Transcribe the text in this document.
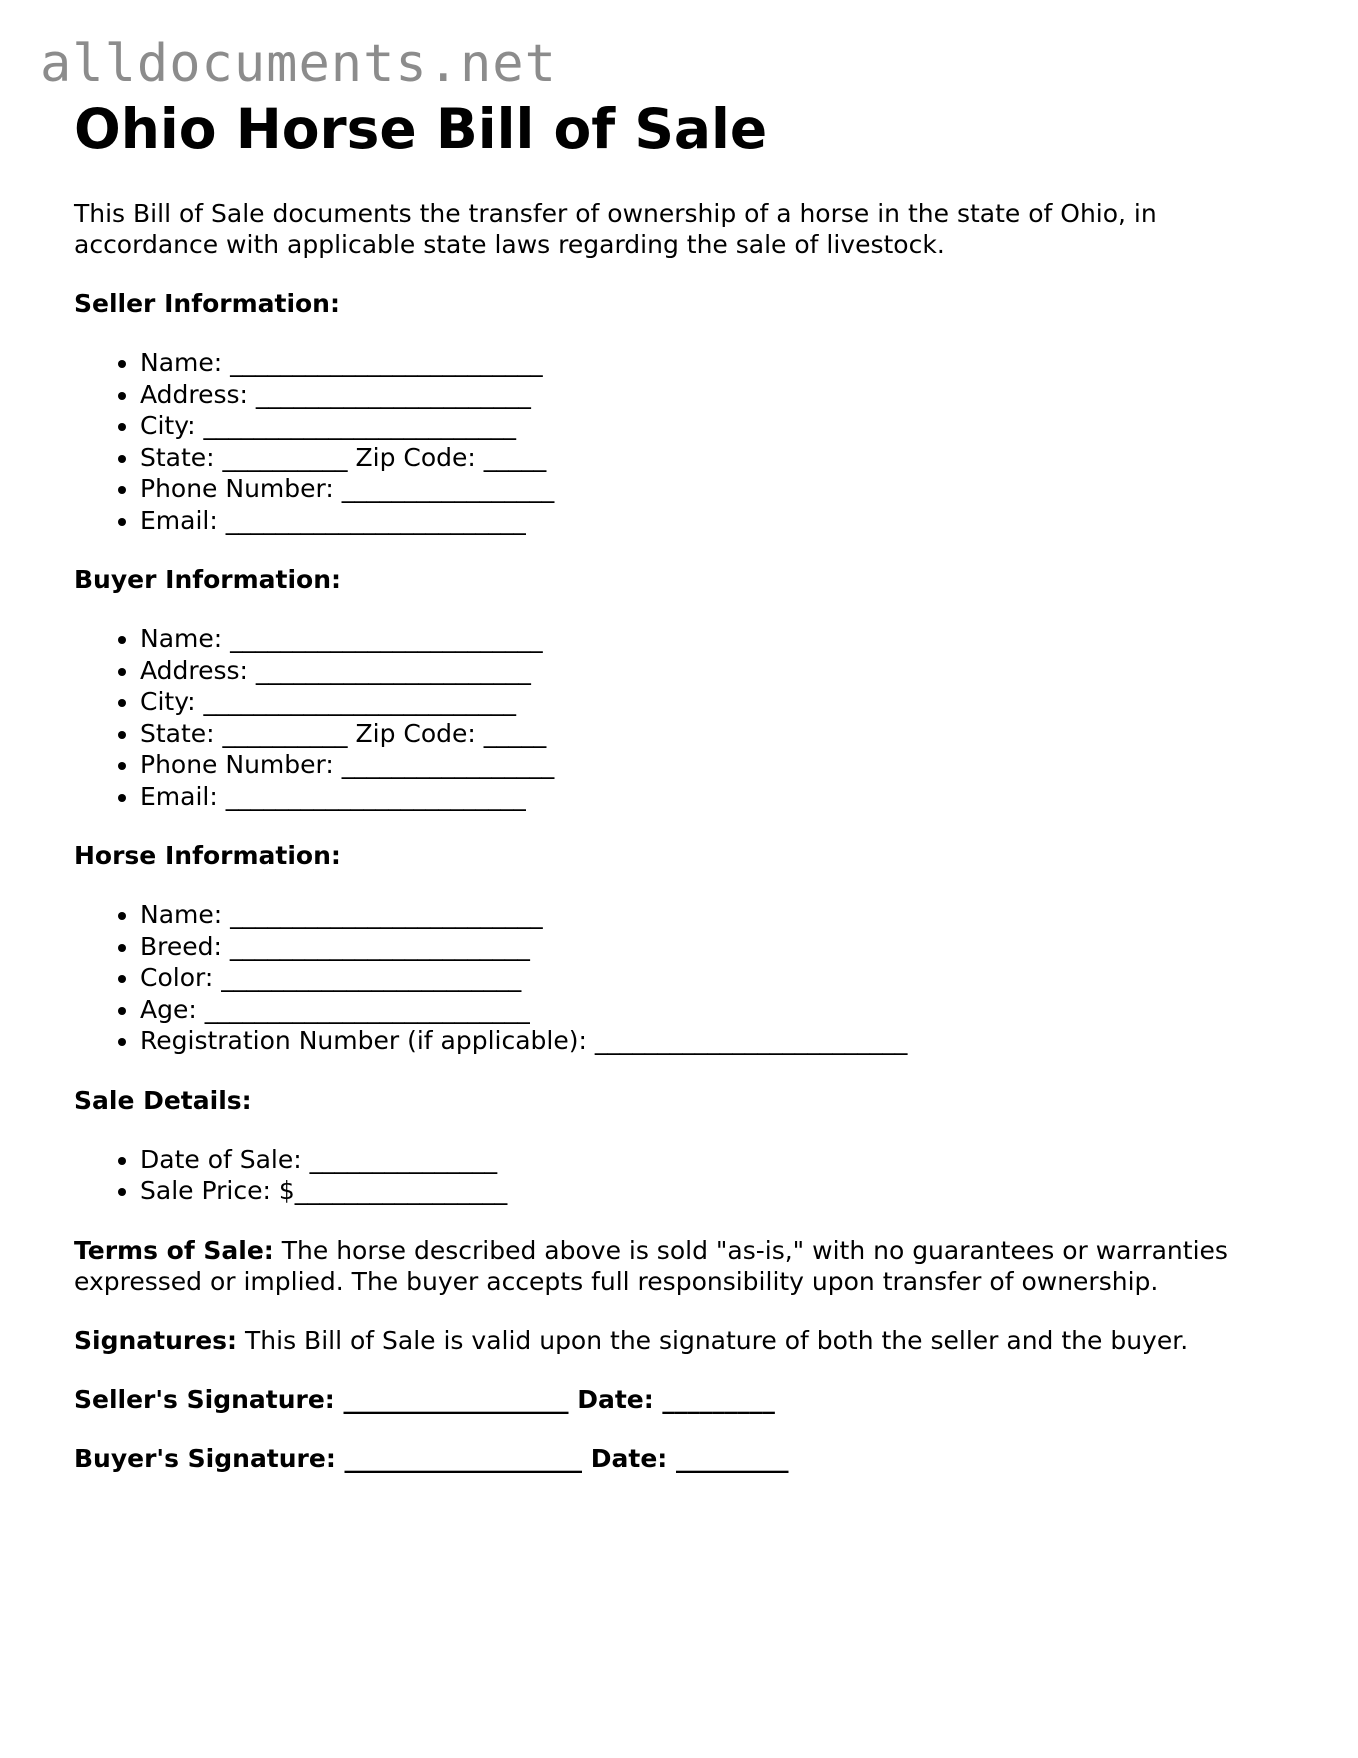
alldocuments.net
Ohio Horse Bill of Sale

This Bill of Sale documents the transfer of ownership of a horse in the state of Ohio, in accordance with applicable state laws regarding the sale of livestock.

Seller Information:
• Name: _________________________
• Address: ______________________
• City: _________________________
• State: __________ Zip Code: _____
• Phone Number: _________________
• Email: ________________________
Buyer Information:
• Name: _________________________
• Address: ______________________
• City: _________________________
• State: __________ Zip Code: _____
• Phone Number: _________________
• Email: ________________________
Horse Information:
• Name: _________________________
• Breed: ________________________
• Color: ________________________
• Age: __________________________
• Registration Number (if applicable): _________________________
Sale Details:
• Date of Sale: _______________
• Sale Price: $_________________

Terms of Sale: The horse described above is sold "as-is," with no guarantees or warranties expressed or implied. The buyer accepts full responsibility upon transfer of ownership.

Signatures: This Bill of Sale is valid upon the signature of both the seller and the buyer.

Seller's Signature: __________________ Date: _________
Buyer's Signature: ___________________ Date: _________
